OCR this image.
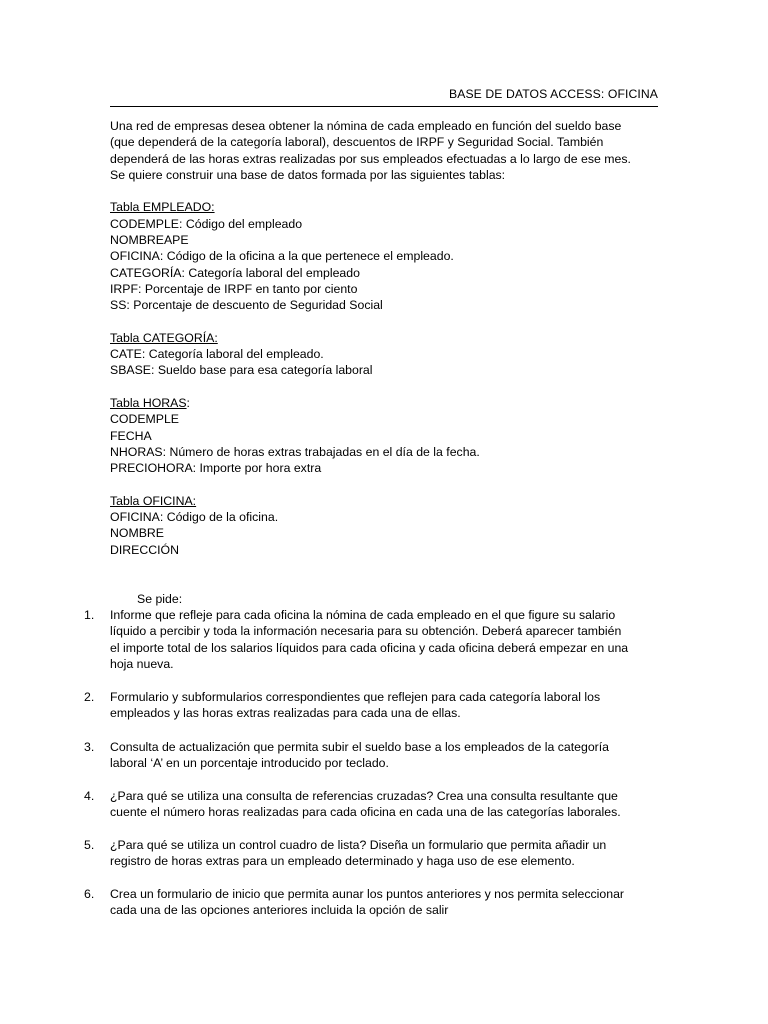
BASE DE DATOS ACCESS: OFICINA
Una red de empresas desea obtener la nómina de cada empleado en función del sueldo base
(que dependerá de la categoría laboral), descuentos de IRPF y Seguridad Social. También
dependerá de las horas extras realizadas por sus empleados efectuadas a lo largo de ese mes.
Se quiere construir una base de datos formada por las siguientes tablas:
Tabla EMPLEADO:
CODEMPLE: Código del empleado
NOMBREAPE
OFICINA: Código de la oficina a la que pertenece el empleado.
CATEGORÍA: Categoría laboral del empleado
IRPF: Porcentaje de IRPF en tanto por ciento
SS: Porcentaje de descuento de Seguridad Social
Tabla CATEGORÍA:
CATE: Categoría laboral del empleado.
SBASE: Sueldo base para esa categoría laboral
Tabla HORAS:
CODEMPLE
FECHA
NHORAS: Número de horas extras trabajadas en el día de la fecha.
PRECIOHORA: Importe por hora extra
Tabla OFICINA:
OFICINA: Código de la oficina.
NOMBRE
DIRECCIÓN
Se pide:
1.	Informe que refleje para cada oficina la nómina de cada empleado en el que figure su salario
líquido a percibir y toda la información necesaria para su obtención. Deberá aparecer también
el importe total de los salarios líquidos para cada oficina y cada oficina deberá empezar en una
hoja nueva.
2.	Formulario y subformularios correspondientes que reflejen para cada categoría laboral los
empleados y las horas extras realizadas para cada una de ellas.
3.	Consulta de actualización que permita subir el sueldo base a los empleados de la categoría
laboral ‘A’ en un porcentaje introducido por teclado.
4.	¿Para qué se utiliza una consulta de referencias cruzadas? Crea una consulta resultante que
cuente el número horas realizadas para cada oficina en cada una de las categorías laborales.
5.	¿Para qué se utiliza un control cuadro de lista? Diseña un formulario que permita añadir un
registro de horas extras para un empleado determinado y haga uso de ese elemento.
6.	Crea un formulario de inicio que permita aunar los puntos anteriores y nos permita seleccionar
cada una de las opciones anteriores incluida la opción de salir
